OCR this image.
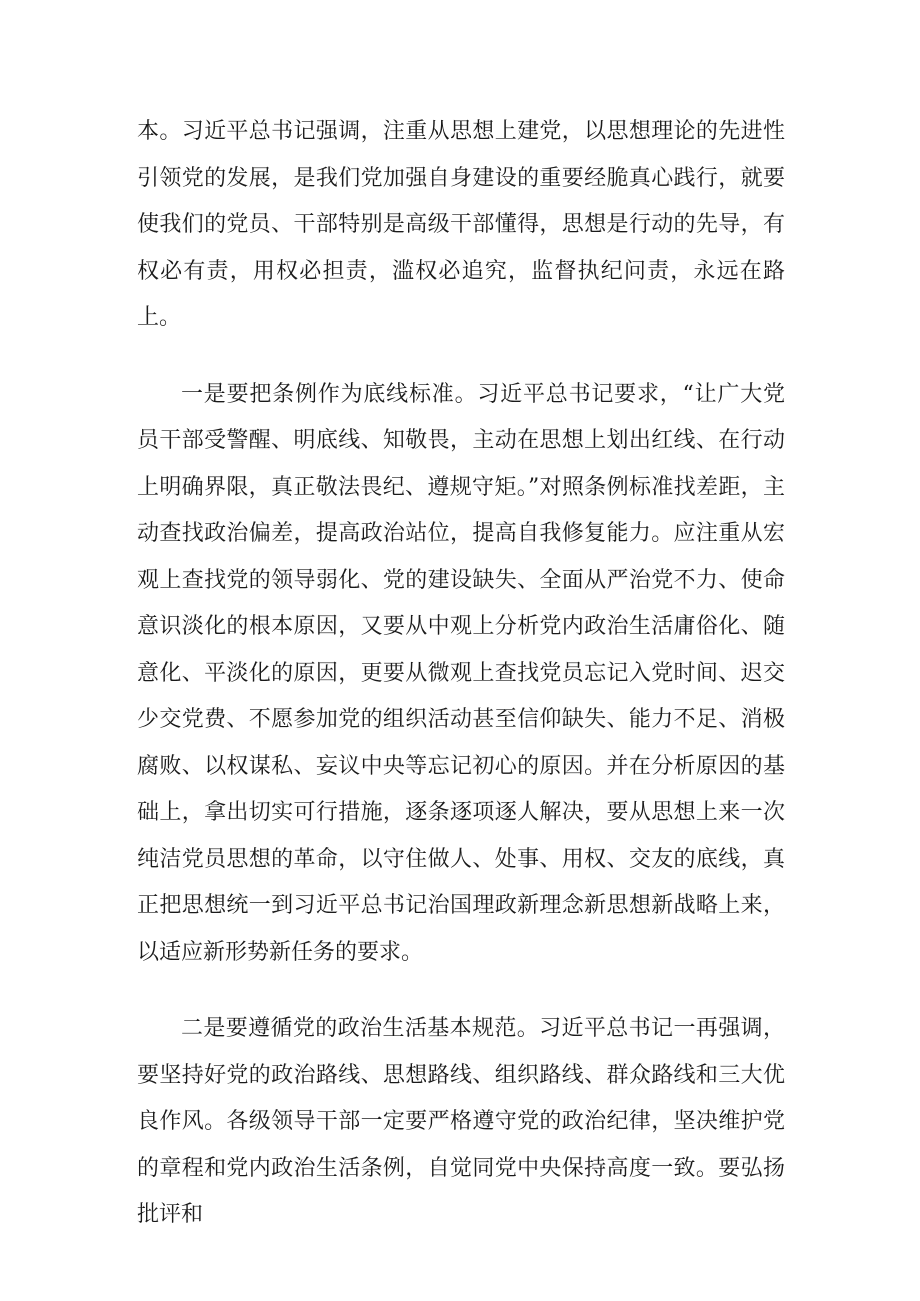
本。习近平总书记强调，注重从思想上建党，以思想理论的先进性引领党的发展，是我们党加强自身建设的重要经脆真心践行，就要使我们的党员、干部特别是高级干部懂得，思想是行动的先导，有权必有责，用权必担责，滥权必追究，监督执纪问责，永远在路上。

一是要把条例作为底线标准。习近平总书记要求，“让广大党员干部受警醒、明底线、知敬畏，主动在思想上划出红线、在行动上明确界限，真正敬法畏纪、遵规守矩。”对照条例标准找差距，主动查找政治偏差，提高政治站位，提高自我修复能力。应注重从宏观上查找党的领导弱化、党的建设缺失、全面从严治党不力、使命意识淡化的根本原因，又要从中观上分析党内政治生活庸俗化、随意化、平淡化的原因，更要从微观上查找党员忘记入党时间、迟交少交党费、不愿参加党的组织活动甚至信仰缺失、能力不足、消极腐败、以权谋私、妄议中央等忘记初心的原因。并在分析原因的基础上，拿出切实可行措施，逐条逐项逐人解决，要从思想上来一次纯洁党员思想的革命，以守住做人、处事、用权、交友的底线，真正把思想统一到习近平总书记治国理政新理念新思想新战略上来，以适应新形势新任务的要求。

二是要遵循党的政治生活基本规范。习近平总书记一再强调，要坚持好党的政治路线、思想路线、组织路线、群众路线和三大优良作风。各级领导干部一定要严格遵守党的政治纪律，坚决维护党的章程和党内政治生活条例，自觉同党中央保持高度一致。要弘扬批评和
